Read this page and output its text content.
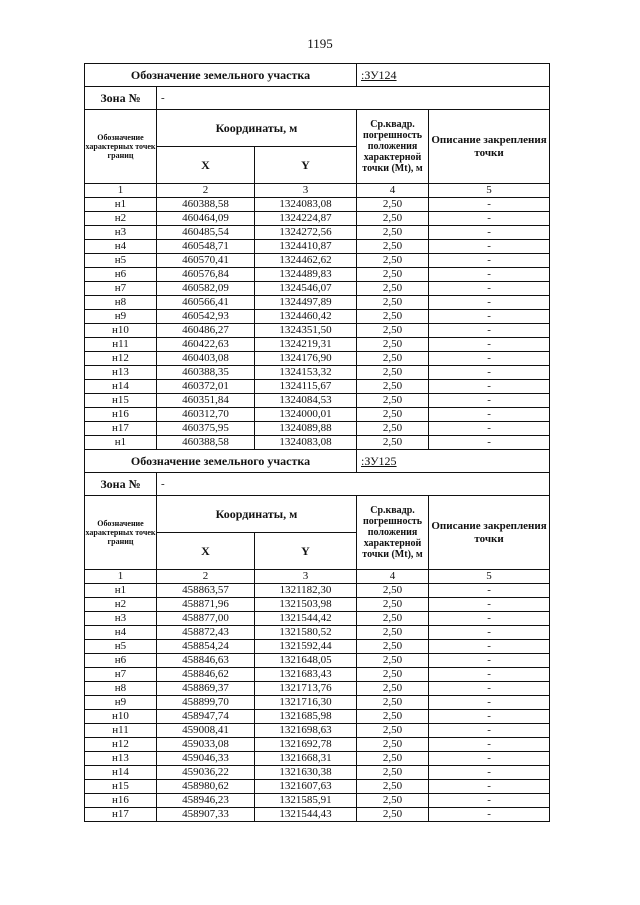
1195
Обозначение земельного участка			:ЗУ124	
Зона №	-			
Обозначение характерных точек границ	Координаты, м		Ср.квадр. погрешность положения характерной точки (Mt), м	Описание закрепления точки
	X	Y		
1	2	3	4	5
н1	460388,58	1324083,08	2,50	-
н2	460464,09	1324224,87	2,50	-
н3	460485,54	1324272,56	2,50	-
н4	460548,71	1324410,87	2,50	-
н5	460570,41	1324462,62	2,50	-
н6	460576,84	1324489,83	2,50	-
н7	460582,09	1324546,07	2,50	-
н8	460566,41	1324497,89	2,50	-
н9	460542,93	1324460,42	2,50	-
н10	460486,27	1324351,50	2,50	-
н11	460422,63	1324219,31	2,50	-
н12	460403,08	1324176,90	2,50	-
н13	460388,35	1324153,32	2,50	-
н14	460372,01	1324115,67	2,50	-
н15	460351,84	1324084,53	2,50	-
н16	460312,70	1324000,01	2,50	-
н17	460375,95	1324089,88	2,50	-
н1	460388,58	1324083,08	2,50	-
Обозначение земельного участка			:ЗУ125	
Зона №	-			
Обозначение характерных точек границ	Координаты, м		Ср.квадр. погрешность положения характерной точки (Mt), м	Описание закрепления точки
	X	Y		
1	2	3	4	5
н1	458863,57	1321182,30	2,50	-
н2	458871,96	1321503,98	2,50	-
н3	458877,00	1321544,42	2,50	-
н4	458872,43	1321580,52	2,50	-
н5	458854,24	1321592,44	2,50	-
н6	458846,63	1321648,05	2,50	-
н7	458846,62	1321683,43	2,50	-
н8	458869,37	1321713,76	2,50	-
н9	458899,70	1321716,30	2,50	-
н10	458947,74	1321685,98	2,50	-
н11	459008,41	1321698,63	2,50	-
н12	459033,08	1321692,78	2,50	-
н13	459046,33	1321668,31	2,50	-
н14	459036,22	1321630,38	2,50	-
н15	458980,62	1321607,63	2,50	-
н16	458946,23	1321585,91	2,50	-
н17	458907,33	1321544,43	2,50	-
